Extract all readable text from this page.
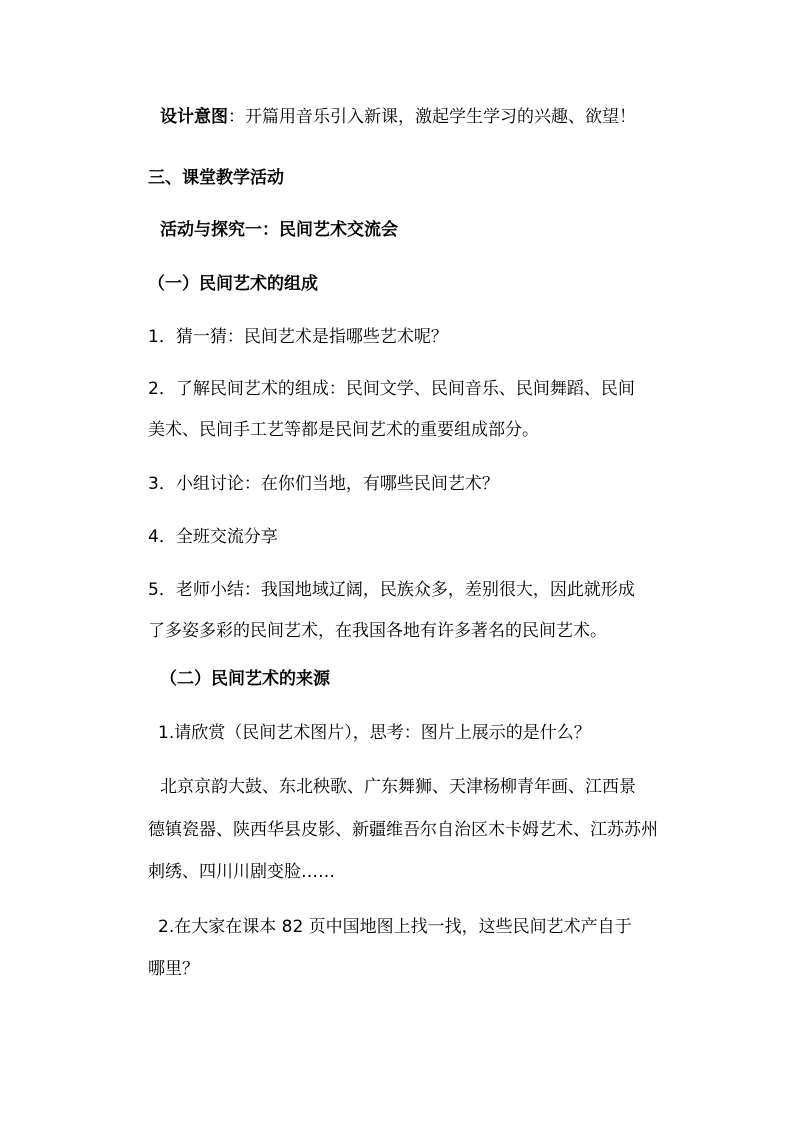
设计意图：开篇用音乐引入新课，激起学生学习的兴趣、欲望！
三、课堂教学活动
活动与探究一：民间艺术交流会
（一）民间艺术的组成
1．猜一猜：民间艺术是指哪些艺术呢？
2．了解民间艺术的组成：民间文学、民间音乐、民间舞蹈、民间
美术、民间手工艺等都是民间艺术的重要组成部分。
3．小组讨论：在你们当地，有哪些民间艺术？
4．全班交流分享
5．老师小结：我国地域辽阔，民族众多，差别很大，因此就形成
了多姿多彩的民间艺术，在我国各地有许多著名的民间艺术。
（二）民间艺术的来源
1.请欣赏（民间艺术图片），思考：图片上展示的是什么？
北京京韵大鼓、东北秧歌、广东舞狮、天津杨柳青年画、江西景
德镇瓷器、陕西华县皮影、新疆维吾尔自治区木卡姆艺术、江苏苏州
刺绣、四川川剧变脸……
2.在大家在课本 82 页中国地图上找一找，这些民间艺术产自于
哪里？
